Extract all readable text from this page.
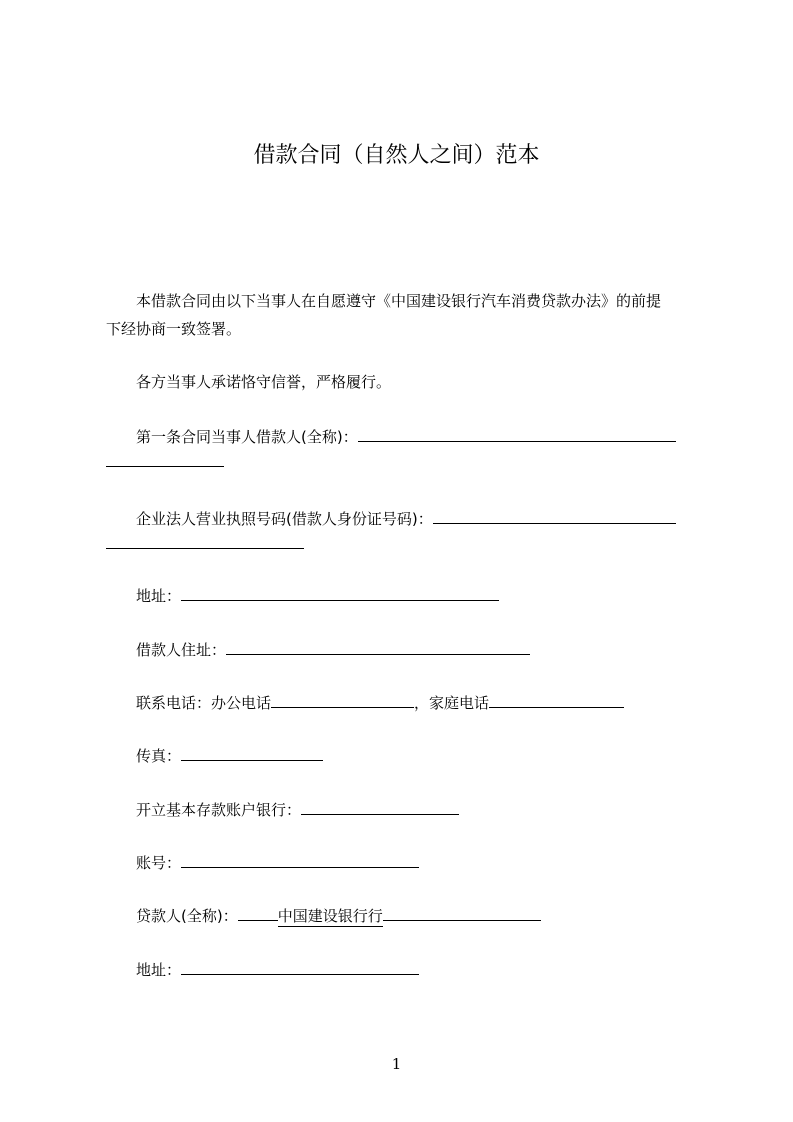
借款合同（自然人之间）范本
本借款合同由以下当事人在自愿遵守《中国建设银行汽车消费贷款办法》的前提
下经协商一致签署。
各方当事人承诺恪守信誉，严格履行。
第一条合同当事人借款人(全称)：
企业法人营业执照号码(借款人身份证号码)：
地址：
借款人住址：
联系电话：办公电话	，家庭电话
传真：
开立基本存款账户银行：
账号：
贷款人(全称)：	中国建设银行行
地址：
1
